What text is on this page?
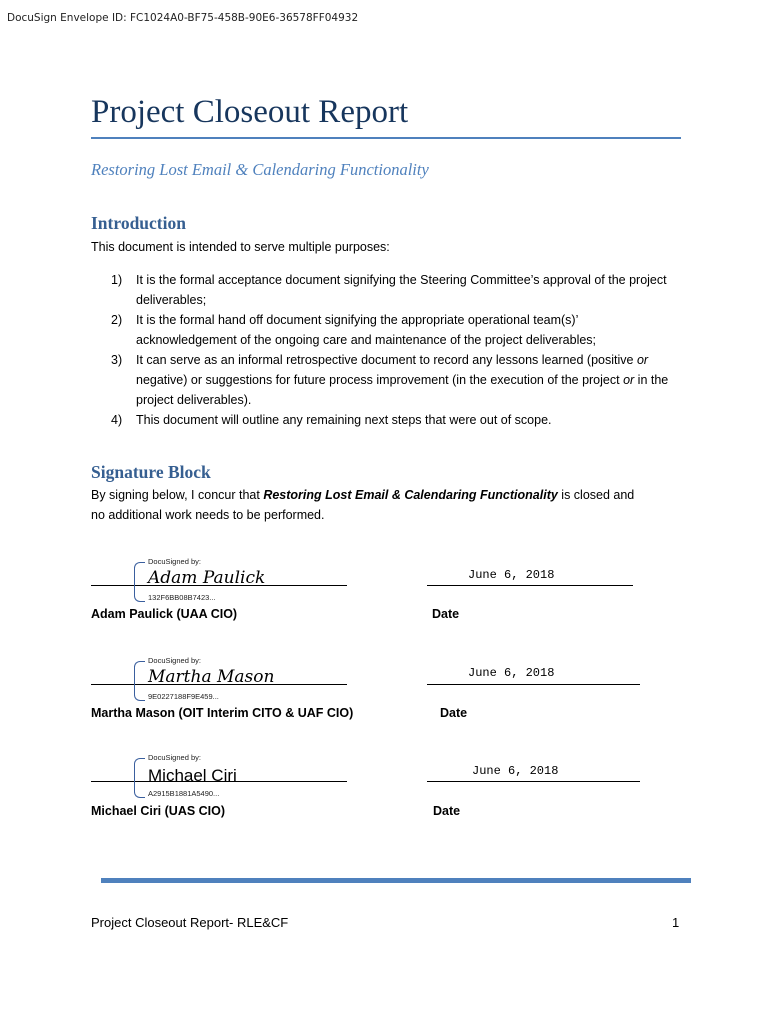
DocuSign Envelope ID: FC1024A0-BF75-458B-90E6-36578FF04932
Project Closeout Report
Restoring Lost Email & Calendaring Functionality
Introduction
This document is intended to serve multiple purposes:
1) It is the formal acceptance document signifying the Steering Committee’s approval of the project deliverables;
2) It is the formal hand off document signifying the appropriate operational team(s)’ acknowledgement of the ongoing care and maintenance of the project deliverables;
3) It can serve as an informal retrospective document to record any lessons learned (positive or negative) or suggestions for future process improvement (in the execution of the project or in the project deliverables).
4) This document will outline any remaining next steps that were out of scope.
Signature Block
By signing below, I concur that Restoring Lost Email & Calendaring Functionality is closed and no additional work needs to be performed.
DocuSigned by:
Adam Paulick
132F6BB08B7423...
June 6, 2018
Adam Paulick (UAA CIO)	Date
DocuSigned by:
Martha Mason
9E0227188F9E459...
June 6, 2018
Martha Mason (OIT Interim CITO & UAF CIO)	Date
DocuSigned by:
Michael Ciri
A2915B1881A5490...
June 6, 2018
Michael Ciri (UAS CIO)	Date
Project Closeout Report- RLE&CF	1
